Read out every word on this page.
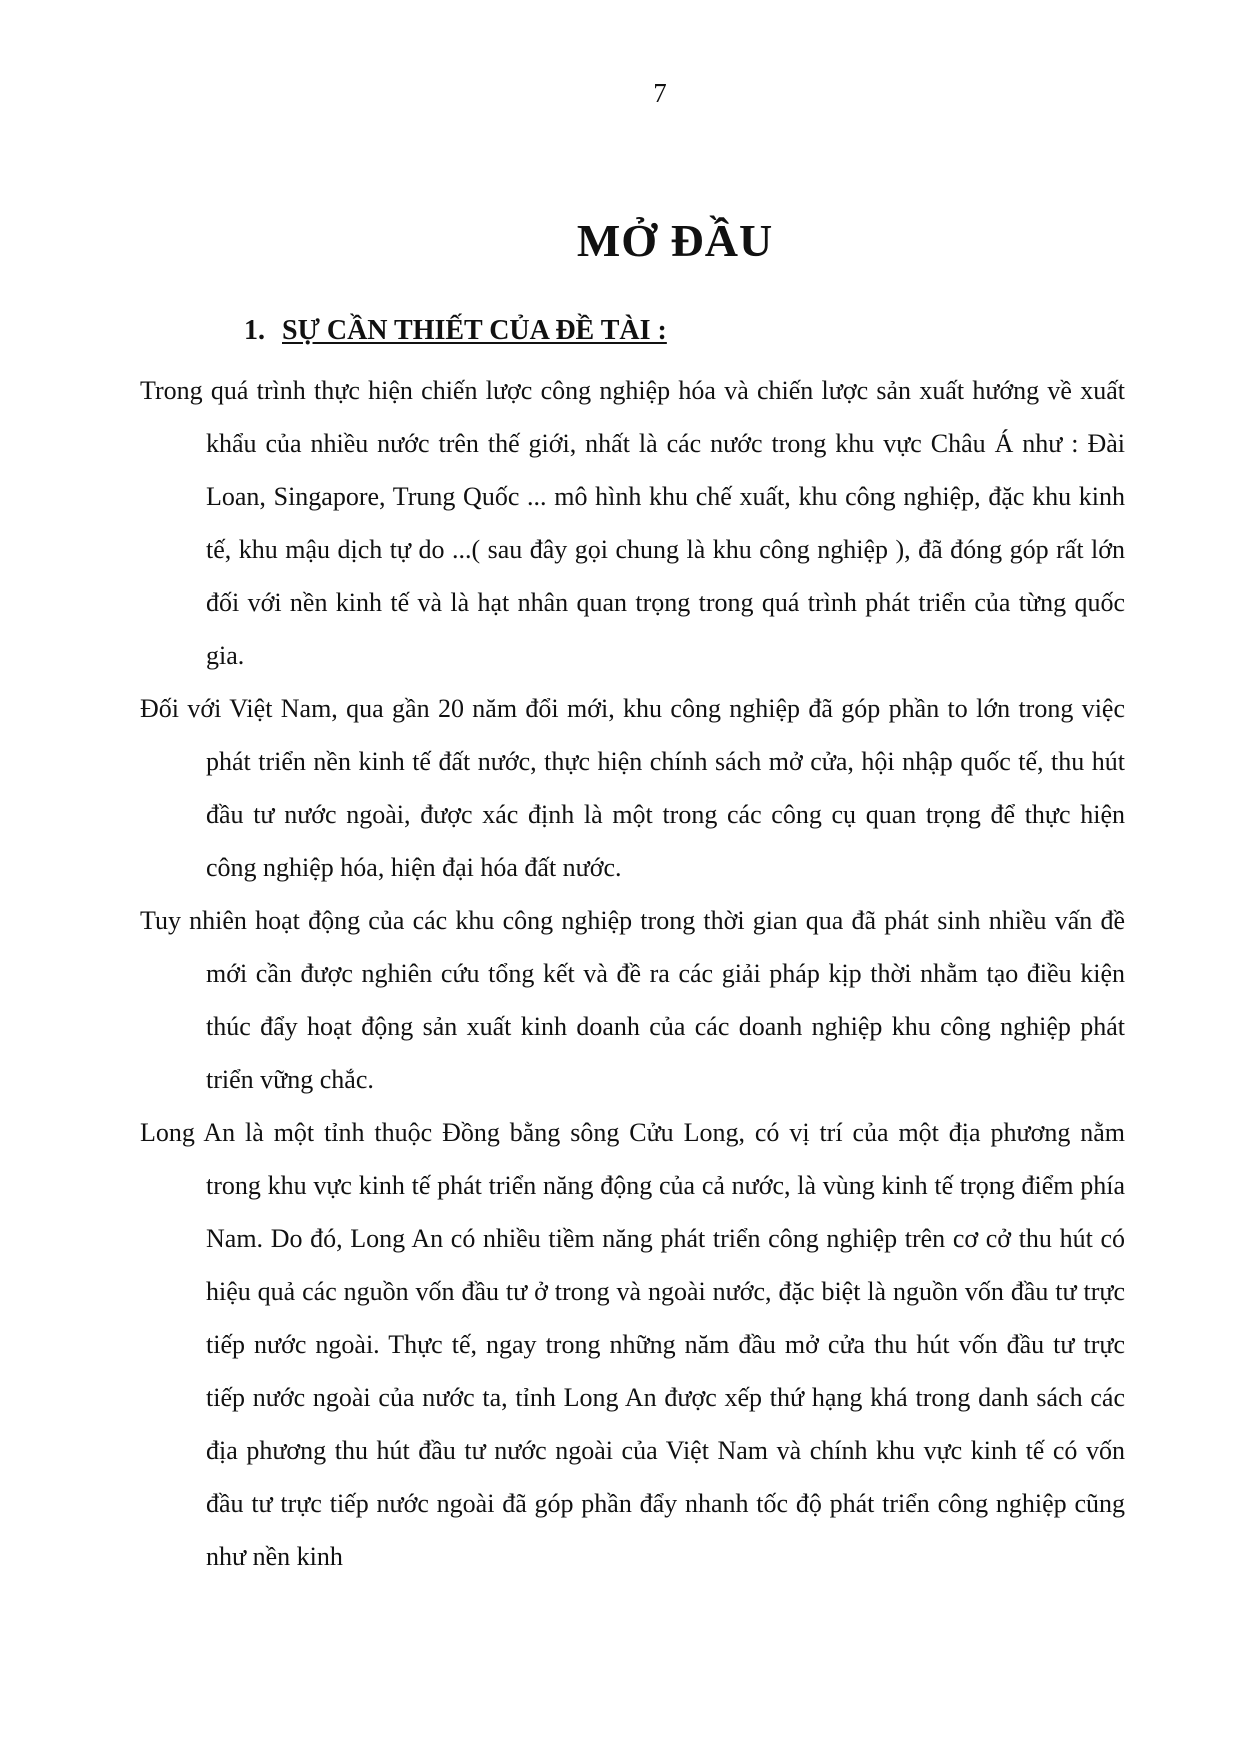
7
MỞ ĐẦU
1. SỰ CẦN THIẾT CỦA ĐỀ TÀI :

Trong quá trình thực hiện chiến lược công nghiệp hóa và chiến lược sản xuất hướng về xuất khẩu của nhiều nước trên thế giới, nhất là các nước trong khu vực Châu Á như : Đài Loan, Singapore, Trung Quốc ... mô hình khu chế xuất, khu công nghiệp, đặc khu kinh tế, khu mậu dịch tự do ...( sau đây gọi chung là khu công nghiệp ), đã đóng góp rất lớn đối với nền kinh tế và là hạt nhân quan trọng trong quá trình phát triển của từng quốc gia.

Đối với Việt Nam, qua gần 20 năm đổi mới, khu công nghiệp đã góp phần to lớn trong việc phát triển nền kinh tế đất nước, thực hiện chính sách mở cửa, hội nhập quốc tế, thu hút đầu tư nước ngoài, được xác định là một trong các công cụ quan trọng để thực hiện công nghiệp hóa, hiện đại hóa đất nước.

Tuy nhiên hoạt động của các khu công nghiệp trong thời gian qua đã phát sinh nhiều vấn đề mới cần được nghiên cứu tổng kết và đề ra các giải pháp kịp thời nhằm tạo điều kiện thúc đẩy hoạt động sản xuất kinh doanh của các doanh nghiệp khu công nghiệp phát triển vững chắc.

Long An là một tỉnh thuộc Đồng bằng sông Cửu Long, có vị trí của một địa phương nằm trong khu vực kinh tế phát triển năng động của cả nước, là vùng kinh tế trọng điểm phía Nam. Do đó, Long An có nhiều tiềm năng phát triển công nghiệp trên cơ cở thu hút có hiệu quả các nguồn vốn đầu tư ở trong và ngoài nước, đặc biệt là nguồn vốn đầu tư trực tiếp nước ngoài. Thực tế, ngay trong những năm đầu mở cửa thu hút vốn đầu tư trực tiếp nước ngoài của nước ta, tỉnh Long An được xếp thứ hạng khá trong danh sách các địa phương thu hút đầu tư nước ngoài của Việt Nam và chính khu vực kinh tế có vốn đầu tư trực tiếp nước ngoài đã góp phần đẩy nhanh tốc độ phát triển công nghiệp cũng như nền kinh
